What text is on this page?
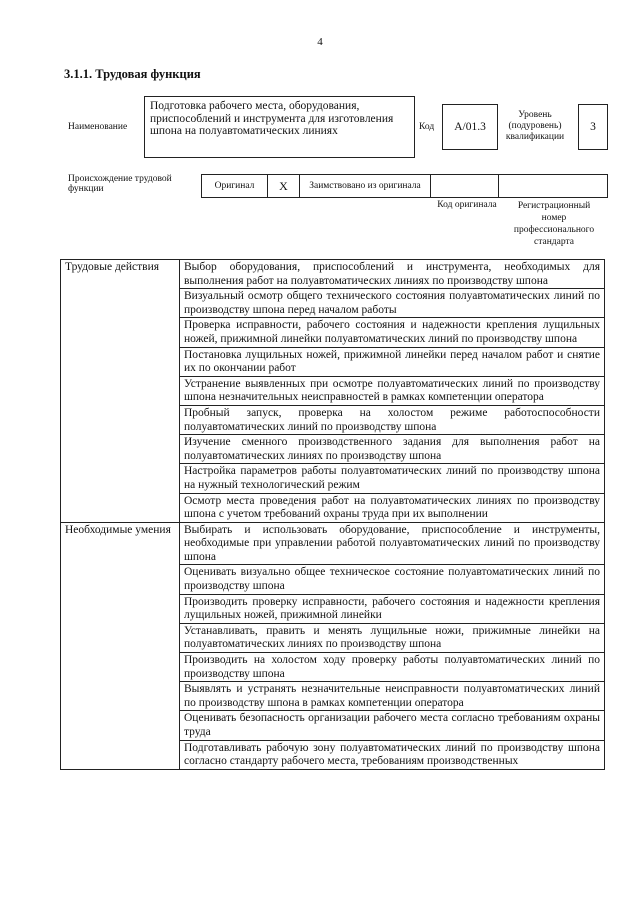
4
3.1.1. Трудовая функция
Наименование
Подготовка рабочего места, оборудования, приспособлений и инструмента для изготовления шпона на полуавтоматических линиях	Код	A/01.3
Уровень (подуровень) квалификации
3
Происхождение трудовой функции	Оригинал	X	Заимствовано из оригинала
Код оригинала	Регистрационный номер профессионального стандарта
Трудовые действия	Выбор оборудования, приспособлений и инструмента, необходимых для выполнения работ на полуавтоматических линиях по производству шпона
	Визуальный осмотр общего технического состояния полуавтоматических линий по производству шпона перед началом работы
	Проверка исправности, рабочего состояния и надежности крепления лущильных ножей, прижимной линейки полуавтоматических линий по производству шпона
	Постановка лущильных ножей, прижимной линейки перед началом работ и снятие их по окончании работ
	Устранение выявленных при осмотре полуавтоматических линий по производству шпона незначительных неисправностей в рамках компетенции оператора
	Пробный запуск, проверка на холостом режиме работоспособности полуавтоматических линий по производству шпона
	Изучение сменного производственного задания для выполнения работ на полуавтоматических линиях по производству шпона
	Настройка параметров работы полуавтоматических линий по производству шпона на нужный технологический режим
	Осмотр места проведения работ на полуавтоматических линиях по производству шпона с учетом требований охраны труда при их выполнении
Необходимые умения	Выбирать и использовать оборудование, приспособление и инструменты, необходимые при управлении работой полуавтоматических линий по производству шпона
	Оценивать визуально общее техническое состояние полуавтоматических линий по производству шпона
	Производить проверку исправности, рабочего состояния и надежности крепления лущильных ножей, прижимной линейки
	Устанавливать, править и менять лущильные ножи, прижимные линейки на полуавтоматических линиях по производству шпона
	Производить на холостом ходу проверку работы полуавтоматических линий по производству шпона
	Выявлять и устранять незначительные неисправности полуавтоматических линий по производству шпона в рамках компетенции оператора
	Оценивать безопасность организации рабочего места согласно требованиям охраны труда
	Подготавливать рабочую зону полуавтоматических линий по производству шпона согласно стандарту рабочего места, требованиям производственных
